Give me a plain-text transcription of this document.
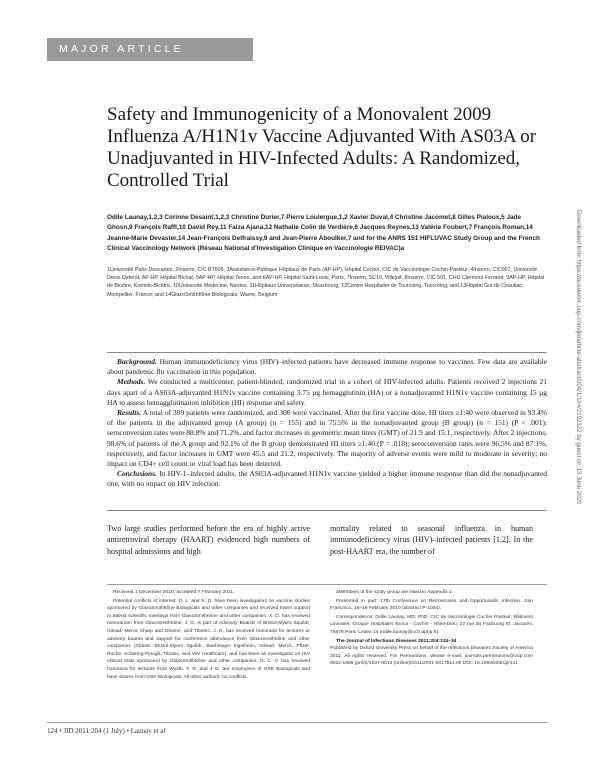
MAJOR ARTICLE
Safety and Immunogenicity of a Monovalent 2009 Influenza A/H1N1v Vaccine Adjuvanted With AS03A or Unadjuvanted in HIV-Infected Adults: A Randomized, Controlled Trial
Odile Launay,1,2,3 Corinne Desaint,1,2,3 Christine Durier,7 Pierre Loulergue,1,2 Xavier Duval,4 Christine Jacomet,8 Gilles Pialoux,5 Jade Ghosn,9 François Raffi,10 David Rey,11 Faiza Ajana,12 Nathalie Colin de Verdière,6 Jacques Reynes,13 Valérie Foubert,7 François Roman,14 Jeanne-Marie Devaster,14 Jean-François Delfraissy,9 and Jean-Pierre Aboulker,7 and for the ANRS 151 HIFLUVAC Study Group and the French Clinical Vaccinology Network (Réseau National d'Investigation Clinique en Vaccinologie REIVAC)a
1Université Paris Descartes, 2Inserm, CIC BT505, 3Assistance-Publique Hôpitaux de Paris (AP-HP), Hôpital Cochin, CIC de Vaccinologie Cochin-Pasteur, 4Inserm, CIC007, Université Denis Diderot, AP-HP, Hôpital Bichat, 5AP-HP, Hôpital Tenon, and 6AP-HP, Hôpital Saint-Louis, Paris, 7Inserm, SC10, Villejuif, 8Inserm, CIC 501, CHU Clermont Ferrand, 9AP-HP, Hôpital de Bicêtre, Kremlin-Bicêtre, 10Université Médecine, Nantes, 11Hôpitaux Universitaires, Strasbourg, 12Centre Hospitalier de Tourcoing, Tourcoing, and 13Hôpital Gui de Chauliac, Montpellier, France, and 14GlaxoSmithKline Biologicals, Wavre, Belgium

Background. Human immunodeficiency virus (HIV)–infected patients have decreased immune response to vaccines. Few data are available about pandemic flu vaccination in this population.

Methods. We conducted a multicenter, patient-blinded, randomized trial in a cohort of HIV-infected adults. Patients received 2 injections 21 days apart of a AS03A-adjuvanted H1N1v vaccine containing 3.75 µg hemagglutinin (HA) or a nonadjuvanted H1N1v vaccine containing 15 µg HA to assess hemagglutination inhibition (HI) response and safety.

Results. A total of 309 patients were randomized, and 306 were vaccinated. After the first vaccine dose, HI titers ≥1:40 were observed in 93.4% of the patients in the adjuvanted group (A group) (n = 155) and in 75.5% in the nonadjuvanted group (B group) (n = 151) (P < .001); seroconversion rates were 88.8% and 71.2%, and factor increases in geometric mean titers (GMT) of 21.9 and 15.1, respectively. After 2 injections, 98.6% of patients of the A group and 92.1% of the B group demonstrated HI titers ≥1:40 (P = .018); seroconversion rates were 96.5% and 87.1%, respectively, and factor increases in GMT were 45.5 and 21.2, respectively. The majority of adverse events were mild to moderate in severity; no impact on CD4+ cell count or viral load has been detected.

Conclusions. In HIV-1–infected adults, the AS03A-adjuvanted H1N1v vaccine yielded a higher immune response than did the nonadjuvanted one, with no impact on HIV infection.

Two large studies performed before the era of highly active antiretroviral therapy (HAART) evidenced high numbers of hospital admissions and high
mortality related to seasonal influenza in human immunodeficiency virus (HIV)–infected patients [1,2]. In the post-HAART era, the number of

Received 1 December 2010; accepted 7 February 2011.

Potential conflicts of interest: O. L. and X. D. have been investigators on vaccine studies sponsored by GlaxoSmithKline Biologicals and other companies and received travel support to attend scientific meetings from GlaxoSmithKline and other companies. X. D. has received honorarium from GlaxoSmithKline. J. G. is part of Advisory Boards of Bristol-Myers Squibb, Gilead, Merck Sharp and Dhome, and Tibotec. J. R. has received honoraria for lectures or advisory boards and support for conference attendance from GlaxoSmithKline and other companies (Abbott, Bristol-Myers Squibb, Boehringer Ingelheim, Gilead, Merck, Pfizer, Roche, Schering-Plough, Tibotec, and ViiV Heathcare); and has been an investigator on HIV clinical trials sponsored by GlaxoSmithKline and other companies. N. C. V. has received honoraria for lectures from Wyeth. F. R. and J.-D. are employees of GSK Biologicals and have shares from GSK Biologicals. All other authors: no conflicts.

aMembers of the study group are listed in Appendix 1.

Presented in part: 17th Conference on Retroviruses and Opportunistic Infection, San Francisco, 16–19 February 2010 (abstract P-1004).

Correspondence: Odile Launay, MD, PhD, CIC de Vaccinologie Cochin Pasteur, Bâtiment Lavoisier, Groupe Hospitalier Broca - Cochin - Hôtel-Dieu, 27 rue du Faubourg St. Jacques, 75679 Paris Cedex 14 (odile.launay@cch.aphp.fr).

The Journal of Infectious Diseases 2011;204:124–34
Published by Oxford University Press on behalf of the Infectious Diseases Society of America 2011. All rights reserved. For Permissions, please e-mail: journals.permissions@oup.com 0022-1899 (print)/1537-6613 (online)/2011/2041-0017$14.00 DOI: 10.1093/infdis/jir211

Downloaded from https://academic.oup.com/jid/article-abstract/204/1/124/2192322 by guest on 13 June 2020
124 • JID 2011:204 (1 July) • Launay et al
